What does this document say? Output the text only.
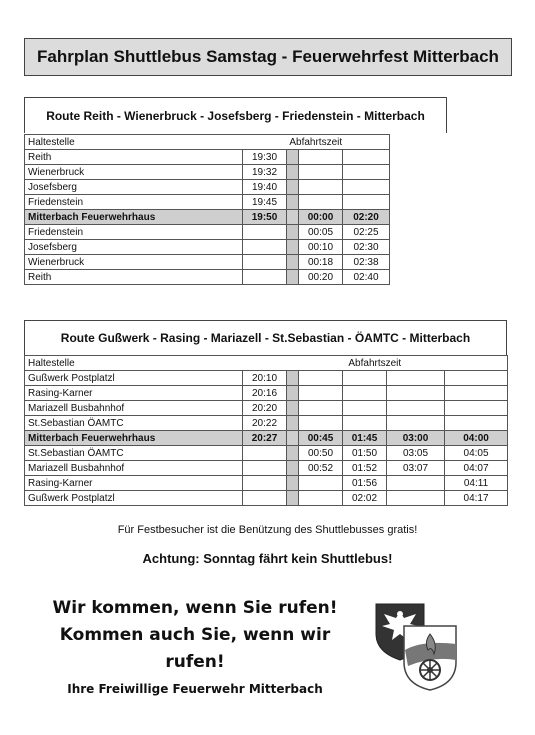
Fahrplan Shuttlebus Samstag - Feuerwehrfest Mitterbach
Route Reith - Wienerbruck - Josefsberg - Friedenstein - Mitterbach
Haltestelle	Abfahrtszeit			
Reith	19:30			
Wienerbruck	19:32			
Josefsberg	19:40			
Friedenstein	19:45			
Mitterbach Feuerwehrhaus	19:50		00:00	02:20
Friedenstein			00:05	02:25
Josefsberg			00:10	02:30
Wienerbruck			00:18	02:38
Reith			00:20	02:40
Route Gußwerk - Rasing - Mariazell - St.Sebastian - ÖAMTC - Mitterbach
Haltestelle	Abfahrtszeit					
Gußwerk Postplatzl	20:10					
Rasing-Karner	20:16					
Mariazell Busbahnhof	20:20					
St.Sebastian ÖAMTC	20:22					
Mitterbach Feuerwehrhaus	20:27		00:45	01:45	03:00	04:00
St.Sebastian ÖAMTC			00:50	01:50	03:05	04:05
Mariazell Busbahnhof			00:52	01:52	03:07	04:07
Rasing-Karner				01:56		04:11
Gußwerk Postplatzl				02:02		04:17
Für Festbesucher ist die Benützung des Shuttlebusses gratis!
Achtung: Sonntag fährt kein Shuttlebus!
Wir kommen, wenn Sie rufen!
Kommen auch Sie, wenn wir
rufen!
Ihre Freiwillige Feuerwehr Mitterbach
